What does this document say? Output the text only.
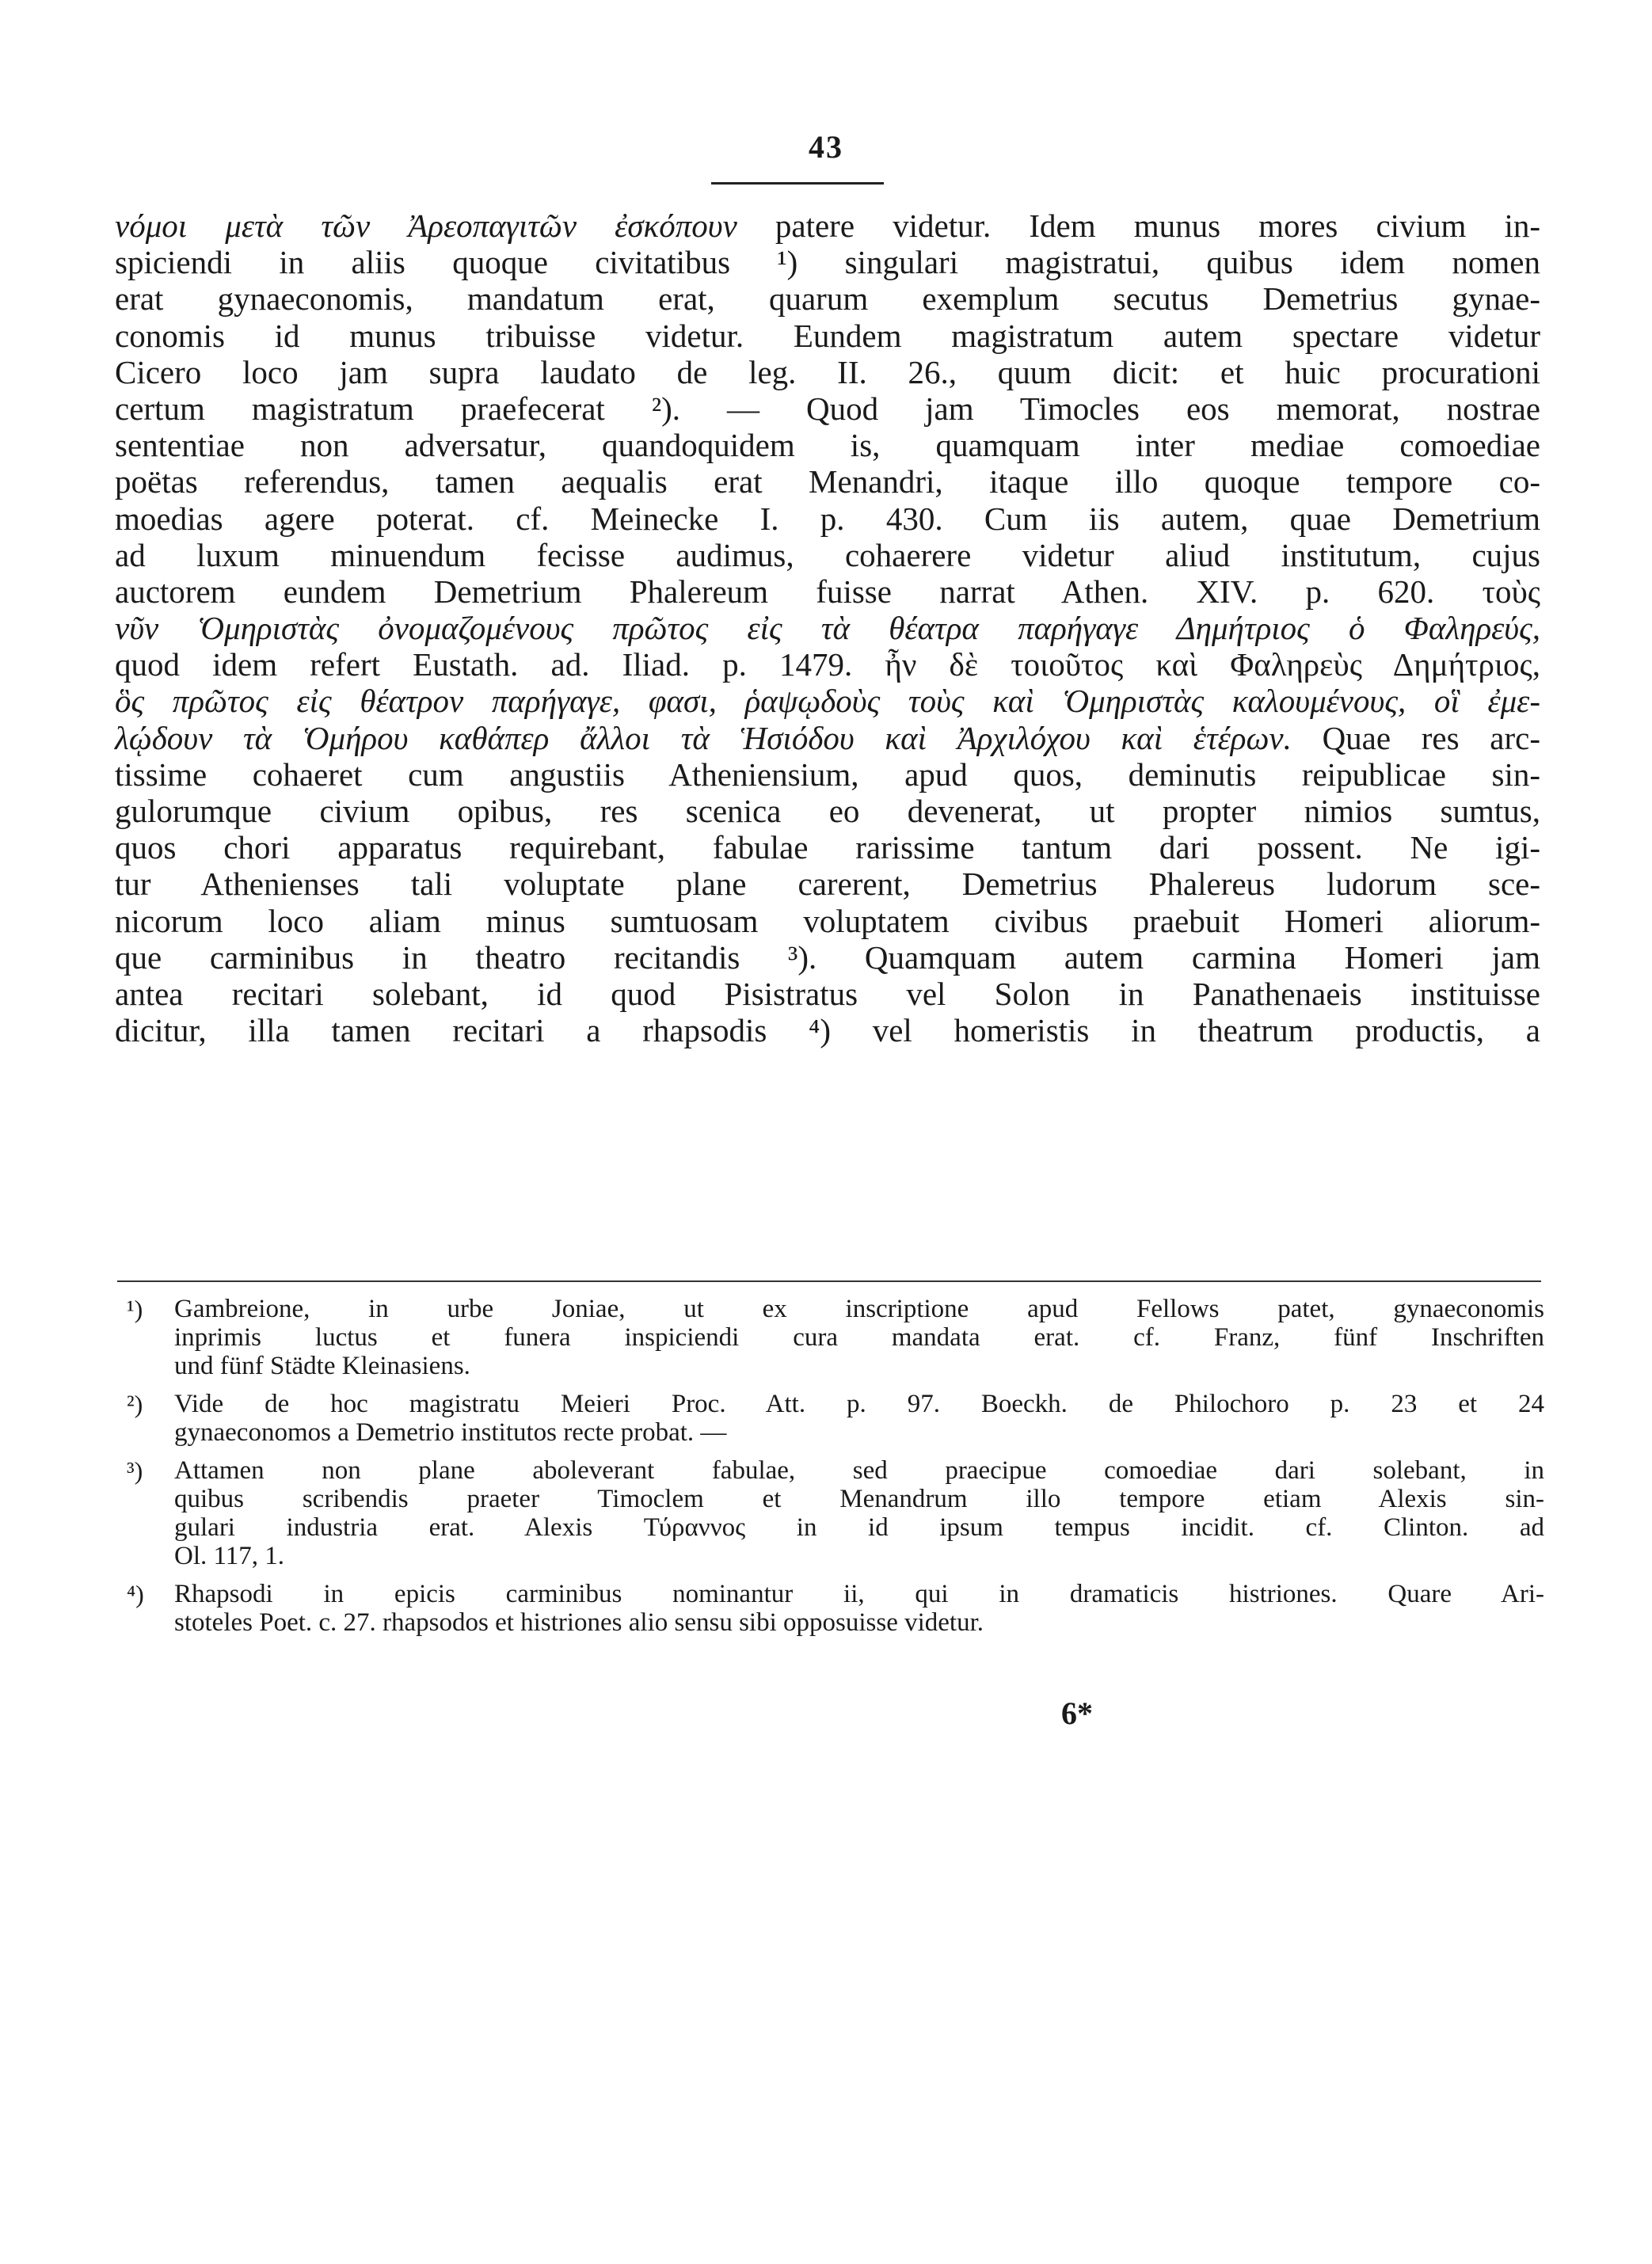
43
νόμοι μετὰ τῶν Ἀρεοπαγιτῶν ἐσκόπουν patere videtur. Idem munus mores civium in-
spiciendi in aliis quoque civitatibus ¹) singulari magistratui, quibus idem nomen
erat gynaeconomis, mandatum erat, quarum exemplum secutus Demetrius gynae-
conomis id munus tribuisse videtur. Eundem magistratum autem spectare videtur
Cicero loco jam supra laudato de leg. II. 26., quum dicit: et huic procurationi
certum magistratum praefecerat ²). — Quod jam Timocles eos memorat, nostrae
sententiae non adversatur, quandoquidem is, quamquam inter mediae comoediae
poëtas referendus, tamen aequalis erat Menandri, itaque illo quoque tempore co-
moedias agere poterat. cf. Meinecke I. p. 430. Cum iis autem, quae Demetrium
ad luxum minuendum fecisse audimus, cohaerere videtur aliud institutum, cujus
auctorem eundem Demetrium Phalereum fuisse narrat Athen. XIV. p. 620. τοὺς
νῦν Ὁμηριστὰς ὀνομαζομένους πρῶτος εἰς τὰ θέατρα παρήγαγε Δημήτριος ὁ Φαληρεύς,
quod idem refert Eustath. ad. Iliad. p. 1479. ἦν δὲ τοιοῦτος καὶ Φαληρεὺς Δημήτριος,
ὃς πρῶτος εἰς θέατρον παρήγαγε, φασι, ῥαψῳδοὺς τοὺς καὶ Ὁμηριστὰς καλουμένους, οἳ ἐμε-
λῴδουν τὰ Ὁμήρου καθάπερ ἄλλοι τὰ Ἡσιόδου καὶ Ἀρχιλόχου καὶ ἑτέρων. Quae res arc-
tissime cohaeret cum angustiis Atheniensium, apud quos, deminutis reipublicae sin-
gulorumque civium opibus, res scenica eo devenerat, ut propter nimios sumtus,
quos chori apparatus requirebant, fabulae rarissime tantum dari possent. Ne igi-
tur Athenienses tali voluptate plane carerent, Demetrius Phalereus ludorum sce-
nicorum loco aliam minus sumtuosam voluptatem civibus praebuit Homeri aliorum-
que carminibus in theatro recitandis ³). Quamquam autem carmina Homeri jam
antea recitari solebant, id quod Pisistratus vel Solon in Panathenaeis instituisse
dicitur, illa tamen recitari a rhapsodis ⁴) vel homeristis in theatrum productis, a
¹)	Gambreione, in urbe Joniae, ut ex inscriptione apud Fellows patet, gynaeconomis
inprimis luctus et funera inspiciendi cura mandata erat. cf. Franz, fünf Inschriften
und fünf Städte Kleinasiens.
²)	Vide de hoc magistratu Meieri Proc. Att. p. 97. Boeckh. de Philochoro p. 23 et 24
gynaeconomos a Demetrio institutos recte probat. —
³)	Attamen non plane aboleverant fabulae, sed praecipue comoediae dari solebant, in
quibus scribendis praeter Timoclem et Menandrum illo tempore etiam Alexis sin-
gulari industria erat. Alexis Τύραννος in id ipsum tempus incidit. cf. Clinton. ad
Ol. 117, 1.
⁴)	Rhapsodi in epicis carminibus nominantur ii, qui in dramaticis histriones. Quare Ari-
stoteles Poet. c. 27. rhapsodos et histriones alio sensu sibi opposuisse videtur.
6*
